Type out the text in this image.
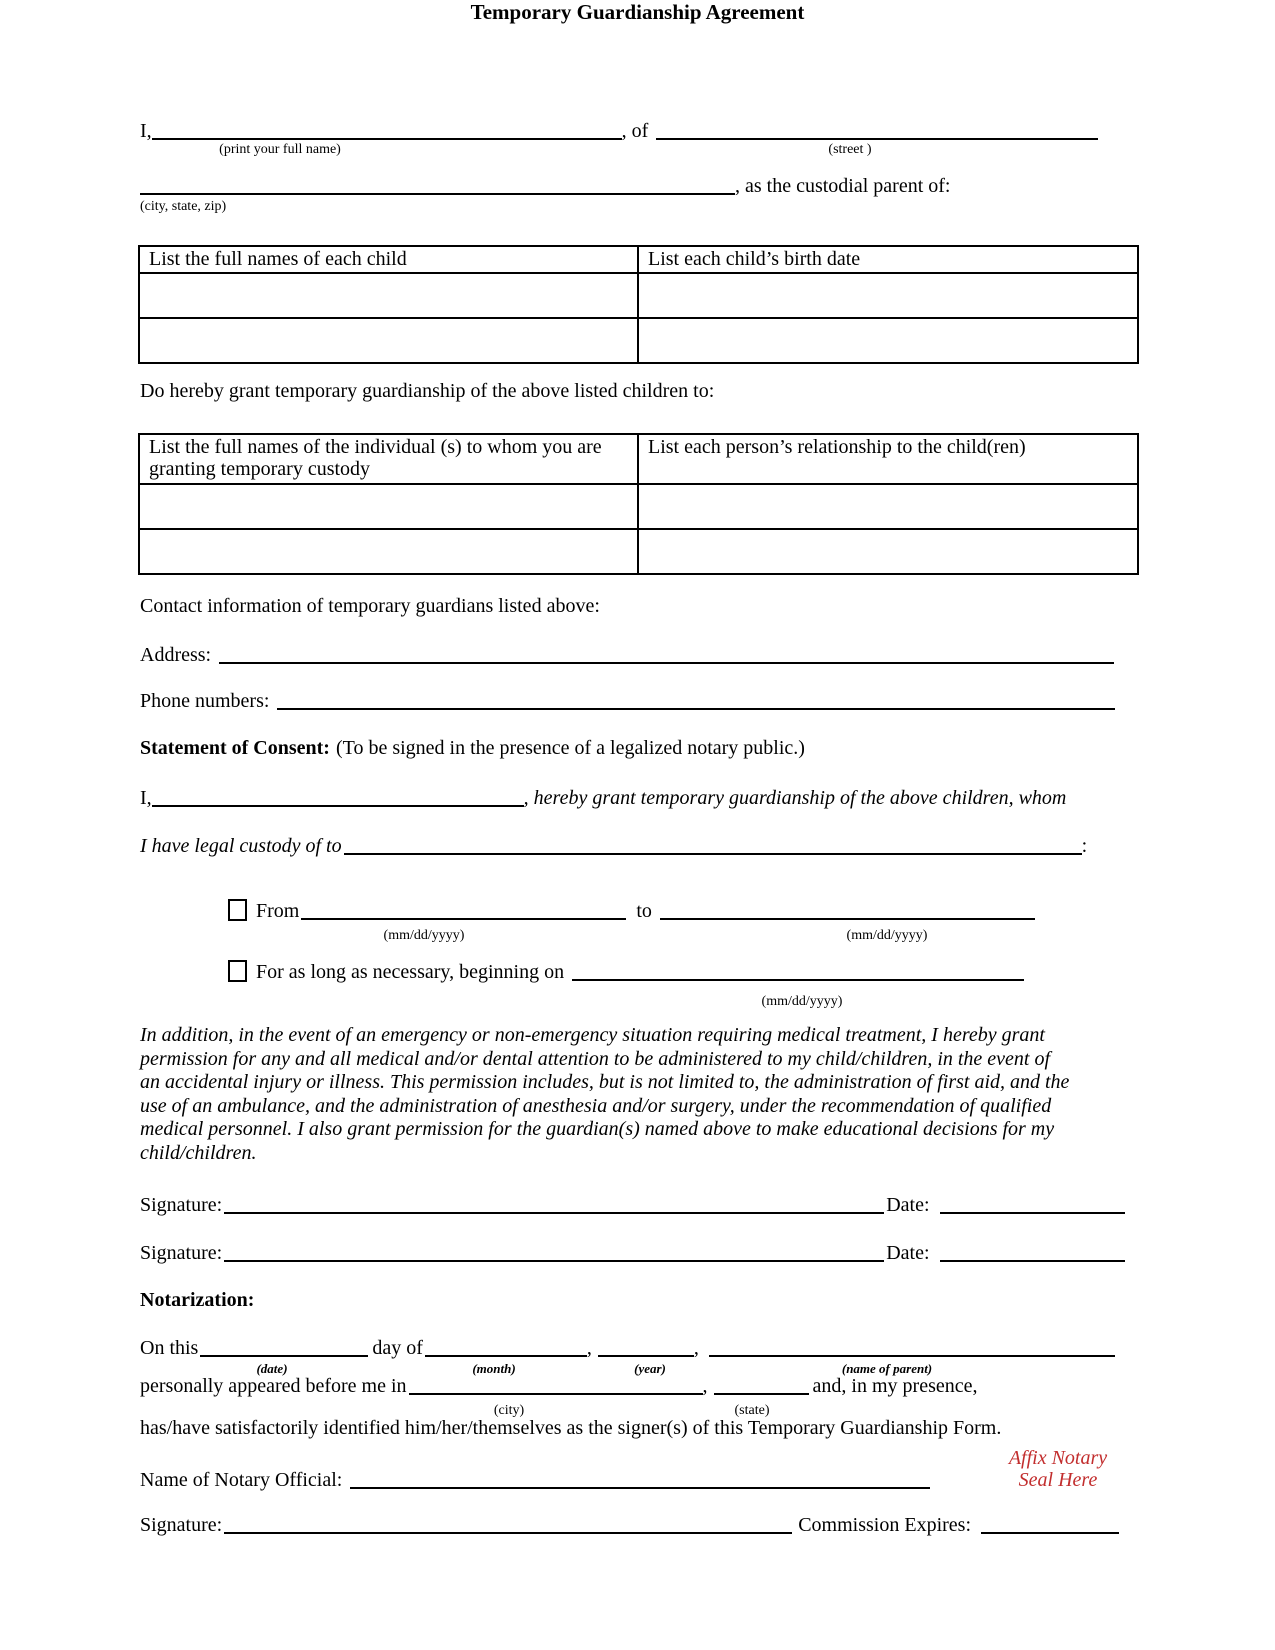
Temporary Guardianship Agreement
I,	, of
(print your full name)	(street )
, as the custodial parent of:
(city, state, zip)
List the full names of each child	List each child’s birth date

Do hereby grant temporary guardianship of the above listed children to:
List the full names of the individual (s) to whom you are granting temporary custody	List each person’s relationship to the child(ren)

Contact information of temporary guardians listed above:
Address:
Phone numbers:
Statement of Consent: (To be signed in the presence of a legalized notary public.)
I,	, hereby grant temporary guardianship of the above children, whom
I have legal custody of to	:
From	to
(mm/dd/yyyy)	(mm/dd/yyyy)
For as long as necessary, beginning on
(mm/dd/yyyy)
In addition, in the event of an emergency or non-emergency situation requiring medical treatment, I hereby grant
permission for any and all medical and/or dental attention to be administered to my child/children, in the event of
an accidental injury or illness. This permission includes, but is not limited to, the administration of first aid, and the
use of an ambulance, and the administration of anesthesia and/or surgery, under the recommendation of qualified
medical personnel. I also grant permission for the guardian(s) named above to make educational decisions for my
child/children.
Signature:	Date:
Signature:	Date:
Notarization:
On this	day of	,	,
(date)	(month)	(year)	(name of parent)
personally appeared before me in	,	and, in my presence,
(city)	(state)
has/have satisfactorily identified him/her/themselves as the signer(s) of this Temporary Guardianship Form.
Affix Notary
Seal Here
Name of Notary Official:
Signature:	Commission Expires:
